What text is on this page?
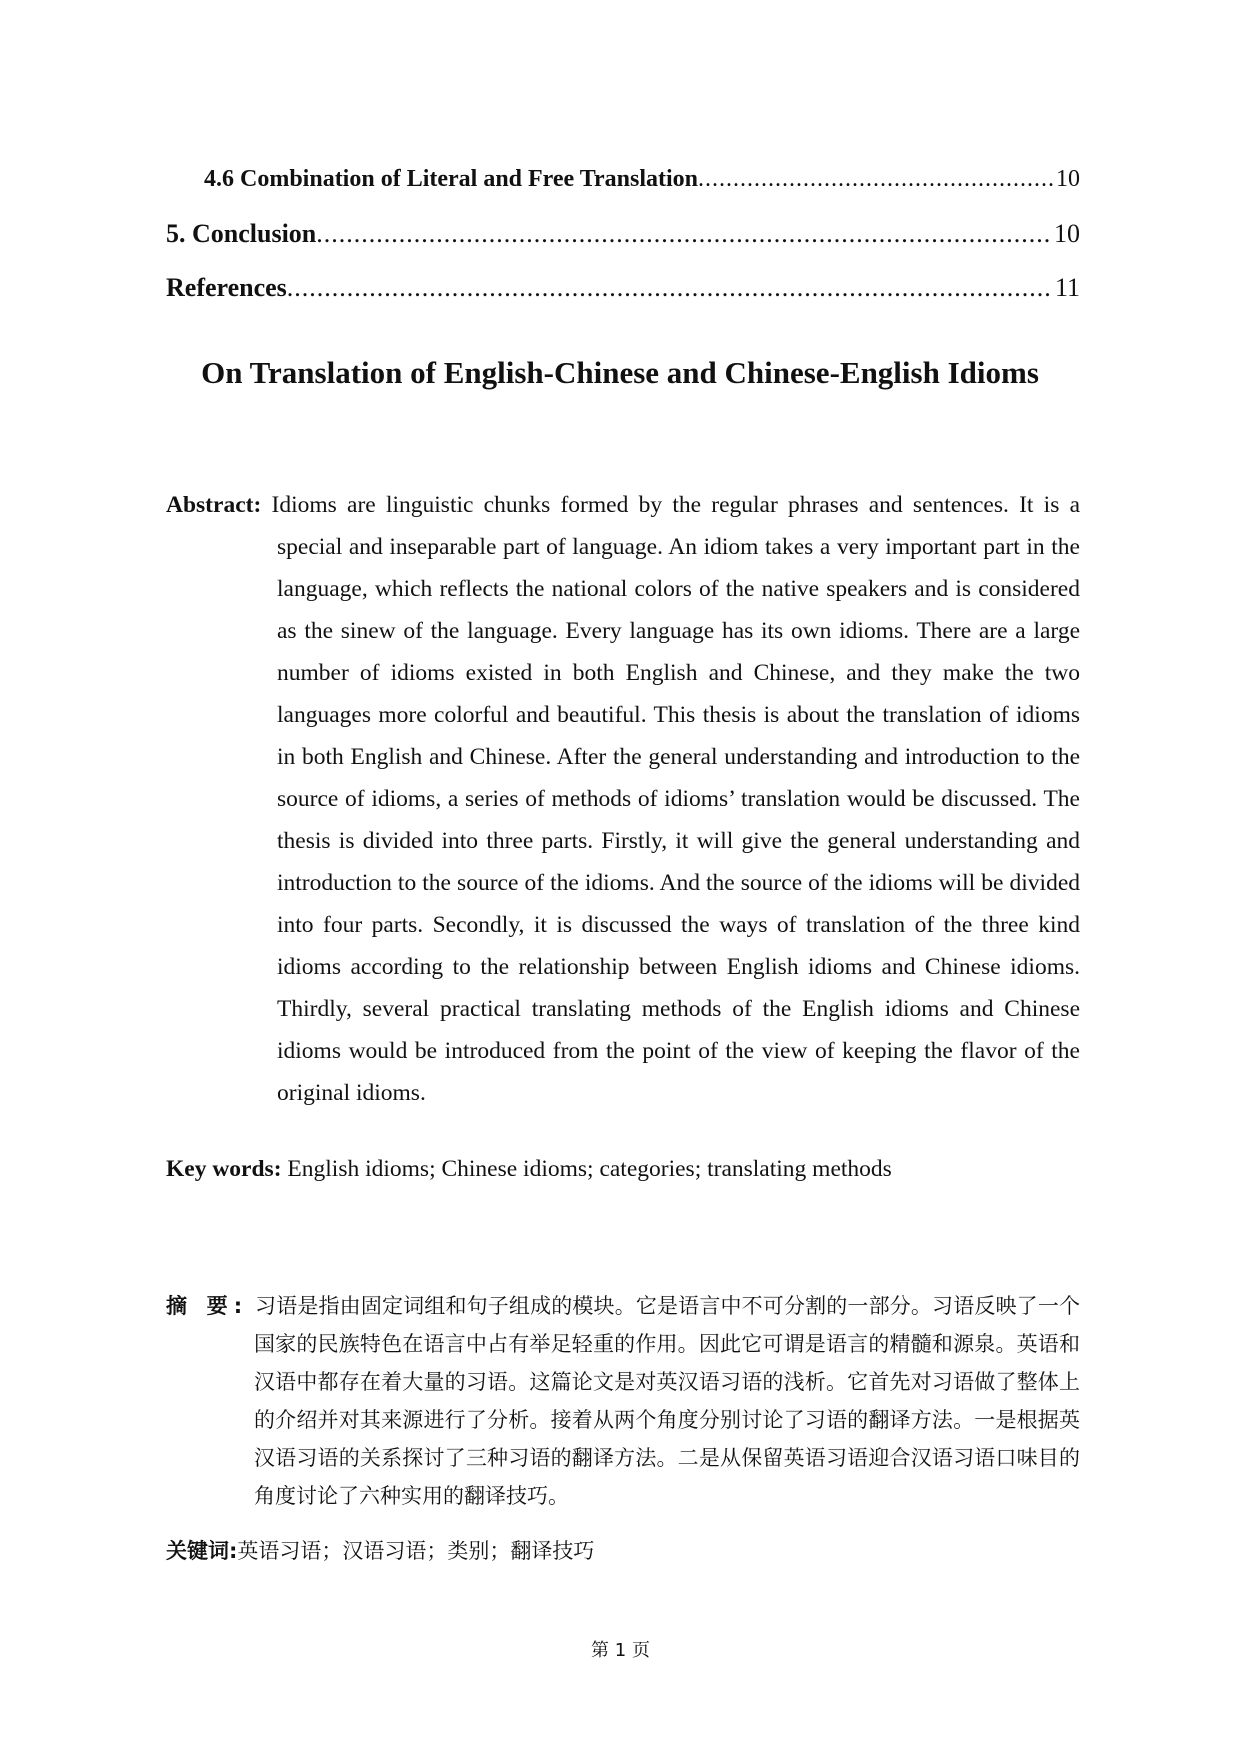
4.6 Combination of Literal and Free Translation .....	10
5. Conclusion .....	10
References .....	11
On Translation of English-Chinese and Chinese-English Idioms
Abstract: Idioms are linguistic chunks formed by the regular phrases and sentences. It is a special and inseparable part of language. An idiom takes a very important part in the language, which reflects the national colors of the native speakers and is considered as the sinew of the language. Every language has its own idioms. There are a large number of idioms existed in both English and Chinese, and they make the two languages more colorful and beautiful. This thesis is about the translation of idioms in both English and Chinese. After the general understanding and introduction to the source of idioms, a series of methods of idioms’ translation would be discussed. The thesis is divided into three parts. Firstly, it will give the general understanding and introduction to the source of the idioms. And the source of the idioms will be divided into four parts. Secondly, it is discussed the ways of translation of the three kind idioms according to the relationship between English idioms and Chinese idioms. Thirdly, several practical translating methods of the English idioms and Chinese idioms would be introduced from the point of the view of keeping the flavor of the original idioms.
Key words: English idioms; Chinese idioms; categories; translating methods
摘 要: 习语是指由固定词组和句子组成的模块。它是语言中不可分割的一部分。习语反映了一个国家的民族特色在语言中占有举足轻重的作用。因此它可谓是语言的精髓和源泉。英语和汉语中都存在着大量的习语。这篇论文是对英汉语习语的浅析。它首先对习语做了整体上的介绍并对其来源进行了分析。接着从两个角度分别讨论了习语的翻译方法。一是根据英汉语习语的关系探讨了三种习语的翻译方法。二是从保留英语习语迎合汉语习语口味目的角度讨论了六种实用的翻译技巧。
关键词:英语习语；汉语习语；类别；翻译技巧
第 1 页
